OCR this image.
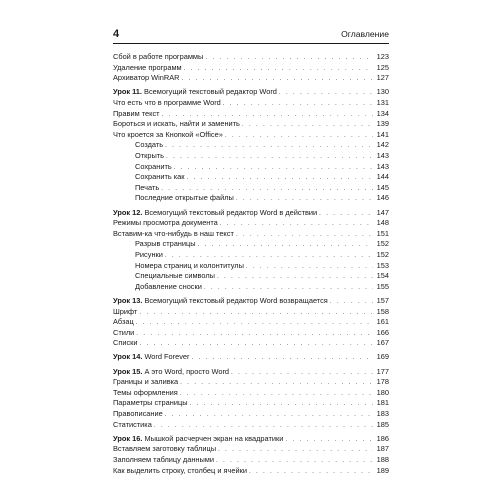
4	Оглавление
Сбой в работе программы . . .	123
Удаление программ . . .	125
Архиватор WinRAR . . .	127
Урок 11. Всемогущий текстовый редактор Word . . .	130
Что есть что в программе Word . . .	131
Правим текст . . .	134
Бороться и искать, найти и заменить . . .	139
Что кроется за Кнопкой «Office» . . .	141
Создать . . .	142
Открыть . . .	143
Сохранить . . .	143
Сохранить как . . .	144
Печать . . .	145
Последние открытые файлы . . .	146
Урок 12. Всемогущий текстовый редактор Word в действии . . .	147
Режимы просмотра документа . . .	148
Вставим-ка что-нибудь в наш текст . . .	151
Разрыв страницы . . .	152
Рисунки . . .	152
Номера страниц и колонтитулы . . .	153
Специальные символы . . .	154
Добавление сноски . . .	155
Урок 13. Всемогущий текстовый редактор Word возвращается . . .	157
Шрифт . . .	158
Абзац . . .	161
Стили . . .	166
Списки . . .	167
Урок 14. Word Forever . . .	169
Урок 15. А это Word, просто Word . . .	177
Границы и заливка . . .	178
Темы оформления . . .	180
Параметры страницы . . .	181
Правописание . . .	183
Статистика . . .	185
Урок 16. Мышкой расчерчен экран на квадратики . . .	186
Вставляем заготовку таблицы . . .	187
Заполняем таблицу данными . . .	188
Как выделить строку, столбец и ячейки . . .	189
